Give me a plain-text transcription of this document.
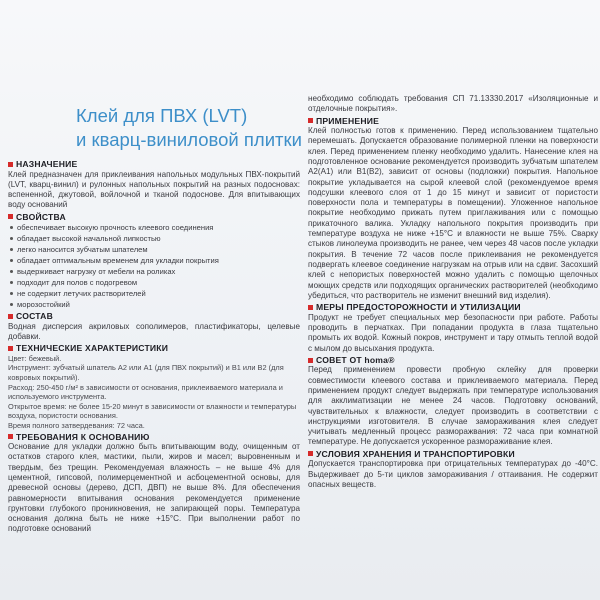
Клей для ПВХ (LVT)
и кварц-виниловой плитки
НАЗНАЧЕНИЕ
Клей предназначен для приклеивания напольных модульных ПВХ-покрытий (LVT, кварц-винил) и рулонных напольных покрытий на разных подосновах: вспененной, джутовой, войлочной и тканой подоснове. Для впитывающих воду оснований
СВОЙСТВА
обеспечивает высокую прочность клеевого соединения
обладает высокой начальной липкостью
легко наносится зубчатым шпателем
обладает оптимальным временем для укладки покрытия
выдерживает нагрузку от мебели на роликах
подходит для полов с подогревом
не содержит летучих растворителей
морозостойкий
СОСТАВ
Водная дисперсия акриловых сополимеров, пластификаторы, целевые добавки.
ТЕХНИЧЕСКИЕ ХАРАКТЕРИСТИКИ
Цвет: бежевый.
Инструмент: зубчатый шпатель А2 или А1 (для ПВХ покрытий) и В1 или В2 (для ковровых покрытий).
Расход: 250-450 г/м² в зависимости от основания, приклеиваемого материала и используемого инструмента.
Открытое время: не более 15-20 минут в зависимости от влажности и температуры воздуха, пористости основания.
Время полного затвердевания: 72 часа.
ТРЕБОВАНИЯ К ОСНОВАНИЮ
Основание для укладки должно быть впитывающим воду, очищенным от остатков старого клея, мастики, пыли, жиров и масел; выровненным и твердым, без трещин. Рекомендуемая влажность – не выше 4% для цементной, гипсовой, полимерцементной и асбоцементной основы, для древесной основы (дерево, ДСП, ДВП) не выше 8%. Для обеспечения равномерности впитывания основания рекомендуется применение грунтовки глубокого проникновения, не запирающей поры. Температура основания должна быть не ниже +15°С. При выполнении работ по подготовке оснований
необходимо соблюдать требования СП 71.13330.2017 «Изоляционные и отделочные покрытия».
ПРИМЕНЕНИЕ
Клей полностью готов к применению. Перед использованием тщательно перемешать. Допускается образование полимерной пленки на поверхности клея. Перед применением пленку необходимо удалить. Нанесение клея на подготовленное основание рекомендуется производить зубчатым шпателем А2(А1) или В1(В2), зависит от основы (подложки) покрытия. Напольное покрытие укладывается на сырой клеевой слой (рекомендуемое время подсушки клеевого слоя от 1 до 15 минут и зависит от пористости поверхности пола и температуры в помещении). Уложенное напольное покрытие необходимо прижать путем приглаживания или с помощью прикаточного валика. Укладку напольного покрытия производить при температуре воздуха не ниже +15°С и влажности не выше 75%. Сварку стыков линолеума производить не ранее, чем через 48 часов после укладки покрытия. В течение 72 часов после приклеивания не рекомендуется подвергать клеевое соединение нагрузкам на отрыв или на сдвиг. Засохший клей с непористых поверхностей можно удалить с помощью щелочных моющих средств или подходящих органических растворителей (необходимо убедиться, что растворитель не изменит внешний вид изделия).
МЕРЫ ПРЕДОСТОРОЖНОСТИ И УТИЛИЗАЦИИ
Продукт не требует специальных мер безопасности при работе. Работы проводить в перчатках. При попадании продукта в глаза тщательно промыть их водой. Кожный покров, инструмент и тару отмыть теплой водой с мылом до высыхания продукта.
СОВЕТ ОТ homa®
Перед применением провести пробную склейку для проверки совместимости клеевого состава и приклеиваемого материала. Перед применением продукт следует выдержать при температуре использования для акклиматизации не менее 24 часов. Подготовку оснований, чувствительных к влажности, следует производить в соответствии с инструкциями изготовителя. В случае замораживания клея следует учитывать медленный процесс разморажвания: 72 часа при комнатной температуре. Не допускается ускоренное размораживание клея.
УСЛОВИЯ ХРАНЕНИЯ И ТРАНСПОРТИРОВКИ
Допускается транспортировка при отрицательных температурах до -40°С. Выдерживает до 5-ти циклов замораживания / оттаивания. Не содержит опасных веществ.
